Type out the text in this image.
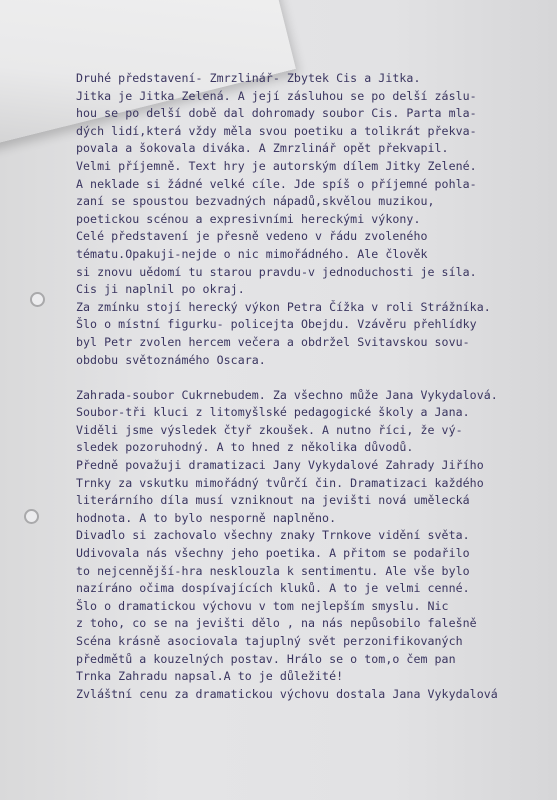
Druhé představení- Zmrzlinář- Zbytek Cis a Jitka.
Jitka je Jitka Zelená. A její zásluhou se po delší záslu-
hou se po delší době dal dohromady soubor Cis. Parta mla-
dých lidí,která vždy měla svou poetiku a tolikrát překva-
povala a šokovala diváka. A Zmrzlinář opět překvapil.
Velmi příjemně. Text hry je autorským dílem Jitky Zelené.
A neklade si žádné velké cíle. Jde spíš o příjemné pohla-
zaní se spoustou bezvadných nápadů,skvělou muzikou,
poetickou scénou a expresivními hereckými výkony.
Celé představení je přesně vedeno v řádu zvoleného
tématu.Opakuji-nejde o nic mimořádného. Ale člověk
si znovu uědomí tu starou pravdu-v jednoduchosti je síla.
Cis ji naplnil po okraj.
Za zmínku stojí herecký výkon Petra Čížka v roli Strážníka.
Šlo o místní figurku- policejta Obejdu. Vzávěru přehlídky
byl Petr zvolen hercem večera a obdržel Svitavskou sovu-
obdobu světoznámého Oscara.
Zahrada-soubor Cukrnebudem. Za všechno může Jana Vykydalová.
Soubor-tři kluci z litomyšlské pedagogické školy a Jana.
Viděli jsme výsledek čtyř zkoušek. A nutno říci, že vý-
sledek pozoruhodný. A to hned z několika důvodů.
Předně považuji dramatizaci Jany Vykydalové Zahrady Jiřího
Trnky za vskutku mimořádný tvůrčí čin. Dramatizaci každého
literárního díla musí vzniknout na jevišti nová umělecká
hodnota. A to bylo nesporně naplněno.
Divadlo si zachovalo všechny znaky Trnkove vidění světa.
Udivovala nás všechny jeho poetika. A přitom se podařilo
to nejcennější-hra nesklouzla k sentimentu. Ale vše bylo
nazíráno očima dospívajících kluků. A to je velmi cenné.
Šlo o dramatickou výchovu v tom nejlepším smyslu. Nic
z toho, co se na jevišti dělo , na nás nepůsobilo falešně
Scéna krásně asociovala tajuplný svět perzonifikovaných
předmětů a kouzelných postav. Hrálo se o tom,o čem pan
Trnka Zahradu napsal.A to je důležité!
Zvláštní cenu za dramatickou výchovu dostala Jana Vykydalová
